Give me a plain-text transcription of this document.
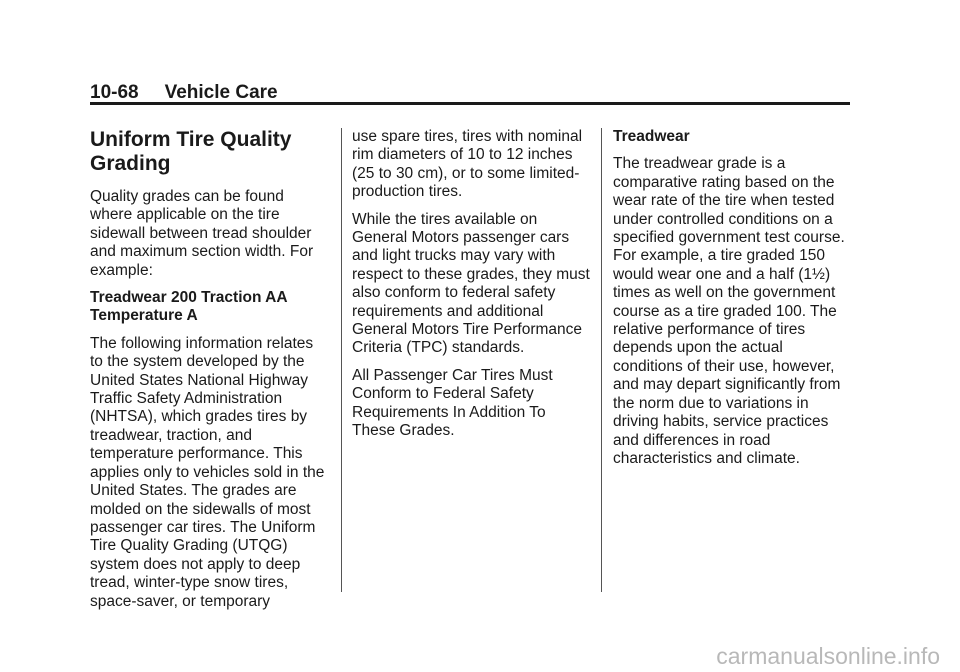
10-68 Vehicle Care
Uniform Tire Quality
Grading

Quality grades can be found where applicable on the tire sidewall between tread shoulder and maximum section width. For example:

Treadwear 200 Traction AA
Temperature A

The following information relates to the system developed by the United States National Highway Traffic Safety Administration (NHTSA), which grades tires by treadwear, traction, and temperature performance. This applies only to vehicles sold in the United States. The grades are molded on the sidewalls of most passenger car tires. The Uniform Tire Quality Grading (UTQG) system does not apply to deep tread, winter-type snow tires, space-saver, or temporary

use spare tires, tires with nominal rim diameters of 10 to 12 inches (25 to 30 cm), or to some limited-production tires.

While the tires available on General Motors passenger cars and light trucks may vary with respect to these grades, they must also conform to federal safety requirements and additional General Motors Tire Performance Criteria (TPC) standards.

All Passenger Car Tires Must Conform to Federal Safety Requirements In Addition To These Grades.

Treadwear

The treadwear grade is a comparative rating based on the wear rate of the tire when tested under controlled conditions on a specified government test course. For example, a tire graded 150 would wear one and a half (1½) times as well on the government course as a tire graded 100. The relative performance of tires depends upon the actual conditions of their use, however, and may depart significantly from the norm due to variations in driving habits, service practices and differences in road characteristics and climate.

carmanualsonline.info
